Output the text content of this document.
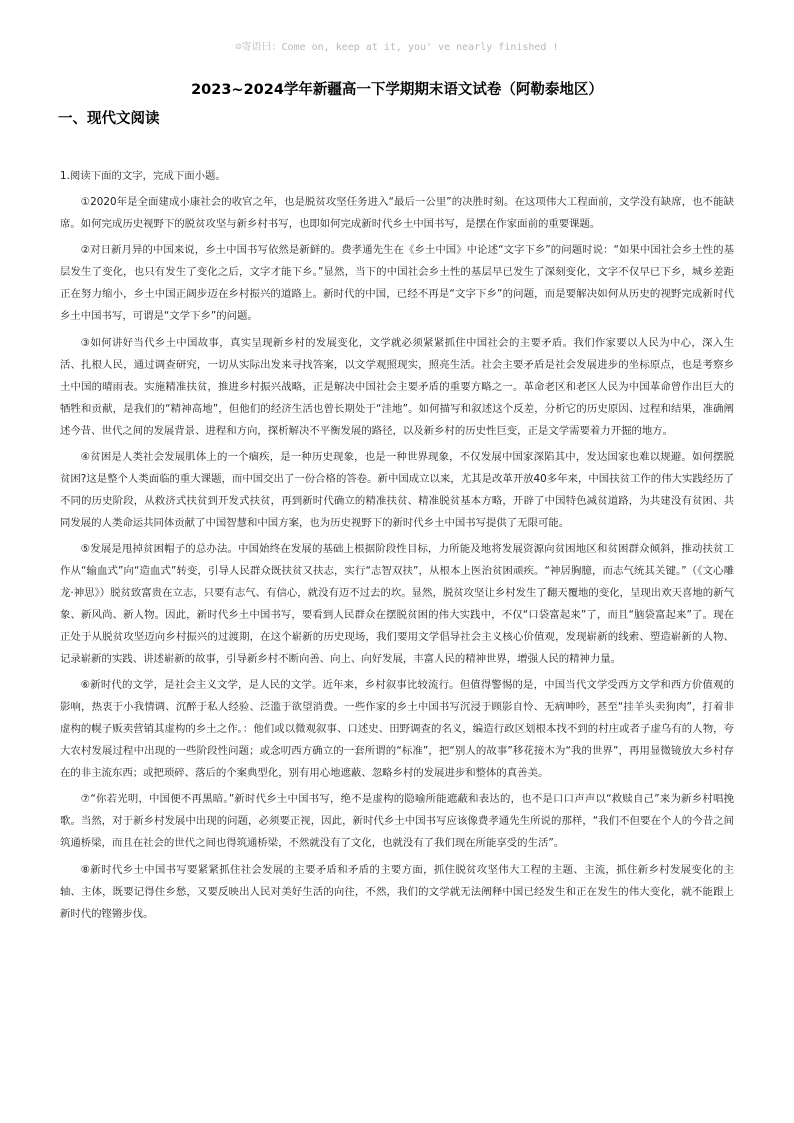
☺寄语曰：Come on, keep at it, you' ve nearly finished !
2023~2024学年新疆高一下学期期末语文试卷（阿勒泰地区）
一、现代文阅读

1.阅读下面的文字，完成下面小题。

①2020年是全面建成小康社会的收官之年，也是脱贫攻坚任务进入“最后一公里”的决胜时刻。在这项伟大工程面前，文学没有缺席，也不能缺席。如何完成历史视野下的脱贫攻坚与新乡村书写，也即如何完成新时代乡土中国书写，是摆在作家面前的重要课题。

②对日新月异的中国来说，乡土中国书写依然是新鲜的。费孝通先生在《乡土中国》中论述“文字下乡”的问题时说：“如果中国社会乡土性的基层发生了变化，也只有发生了变化之后，文字才能下乡。”显然，当下的中国社会乡土性的基层早已发生了深刻变化，文字不仅早已下乡，城乡差距正在努力缩小，乡土中国正阔步迈在乡村振兴的道路上。新时代的中国，已经不再是“文字下乡”的问题，而是要解决如何从历史的视野完成新时代乡土中国书写，可谓是“文学下乡”的问题。

③如何讲好当代乡土中国故事，真实呈现新乡村的发展变化，文学就必须紧紧抓住中国社会的主要矛盾。我们作家要以人民为中心，深入生活、扎根人民，通过调查研究，一切从实际出发来寻找答案，以文学观照现实，照亮生活。社会主要矛盾是社会发展进步的坐标原点，也是考察乡土中国的晴雨表。实施精准扶贫，推进乡村振兴战略，正是解决中国社会主要矛盾的重要方略之一。革命老区和老区人民为中国革命曾作出巨大的牺牲和贡献，是我们的“精神高地”，但他们的经济生活也曾长期处于“洼地”。如何描写和叙述这个反差，分析它的历史原因、过程和结果，准确阐述今昔、世代之间的发展背景、进程和方向，探析解决不平衡发展的路径，以及新乡村的历史性巨变，正是文学需要着力开掘的地方。

④贫困是人类社会发展肌体上的一个痼疾，是一种历史现象，也是一种世界现象，不仅发展中国家深陷其中，发达国家也难以规避。如何摆脱贫困?这是整个人类面临的重大课题，而中国交出了一份合格的答卷。新中国成立以来，尤其是改革开放40多年来，中国扶贫工作的伟大实践经历了不同的历史阶段，从救济式扶贫到开发式扶贫，再到新时代确立的精准扶贫、精准脱贫基本方略，开辟了中国特色减贫道路，为共建没有贫困、共同发展的人类命运共同体贡献了中国智慧和中国方案，也为历史视野下的新时代乡土中国书写提供了无限可能。

⑤发展是甩掉贫困帽子的总办法。中国始终在发展的基础上根据阶段性目标，力所能及地将发展资源向贫困地区和贫困群众倾斜，推动扶贫工作从“输血式”向“造血式”转变，引导人民群众既扶贫又扶志，实行“志智双扶”，从根本上医治贫困顽疾。“神居胸臆，而志气统其关键。”（《文心雕龙·神思》）脱贫致富贵在立志，只要有志气、有信心，就没有迈不过去的坎。显然，脱贫攻坚让乡村发生了翻天覆地的变化，呈现出欢天喜地的新气象、新风尚、新人物。因此，新时代乡土中国书写，要看到人民群众在摆脱贫困的伟大实践中，不仅“口袋富起来”了，而且“脑袋富起来”了。现在正处于从脱贫攻坚迈向乡村振兴的过渡期，在这个崭新的历史现场，我们要用文学倡导社会主义核心价值观，发现崭新的线索、塑造崭新的人物、记录崭新的实践、讲述崭新的故事，引导新乡村不断向善、向上、向好发展，丰富人民的精神世界，增强人民的精神力量。

⑥新时代的文学，是社会主义文学，是人民的文学。近年来，乡村叙事比较流行。但值得警惕的是，中国当代文学受西方文学和西方价值观的影响，热衷于小我情调、沉醉于私人经验、泛滥于欲望消费。一些作家的乡土中国书写沉浸于顾影自怜、无病呻吟，甚至“挂羊头卖狗肉”，打着非虚构的幌子贩卖营销其虚构的乡土之作。：他们或以微观叙事、口述史、田野调查的名义，编造行政区划根本找不到的村庄或者子虚乌有的人物，夸大农村发展过程中出现的一些阶段性问题；或念叨西方确立的一套所谓的“标准”，把“别人的故事”移花接木为“我的世界”，再用显微镜放大乡村存在的非主流东西；或把琐碎、落后的个案典型化，别有用心地遮蔽、忽略乡村的发展进步和整体的真善美。

⑦“你若光明，中国便不再黑暗。”新时代乡土中国书写，绝不是虚构的隐喻所能遮蔽和表达的，也不是口口声声以“救赎自己”来为新乡村唱挽歌。当然，对于新乡村发展中出现的问题，必须要正视，因此，新时代乡土中国书写应该像费孝通先生所说的那样，“我们不但要在个人的今昔之间筑通桥梁，而且在社会的世代之间也得筑通桥梁，不然就没有了文化，也就没有了我们现在所能享受的生活”。

⑧新时代乡土中国书写要紧紧抓住社会发展的主要矛盾和矛盾的主要方面，抓住脱贫攻坚伟大工程的主题、主流，抓住新乡村发展变化的主轴、主体，既要记得住乡愁，又要反映出人民对美好生活的向往，不然，我们的文学就无法阐释中国已经发生和正在发生的伟大变化，就不能跟上新时代的铿锵步伐。
